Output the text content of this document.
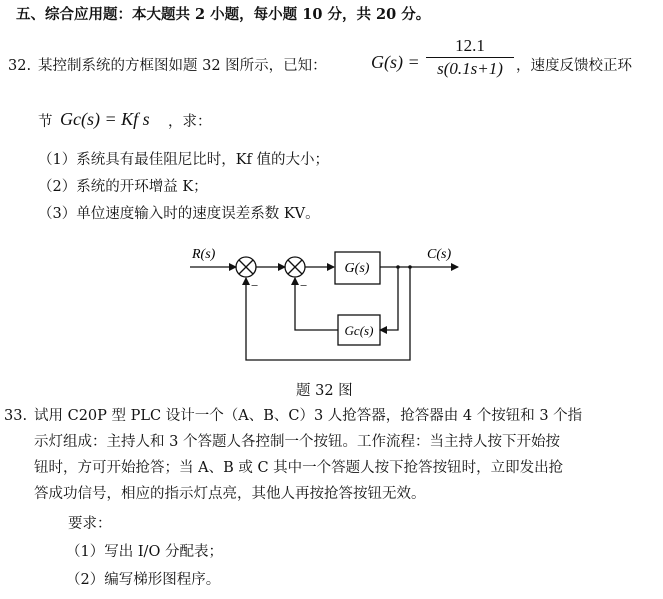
五、综合应用题：本大题共 2 小题，每小题 10 分，共 20 分。
32. 某控制系统的方框图如题 32 图所示，已知： G(s) =
12.1
s(0.1s+1) ，速度反馈校正环
节 Gc(s) = Kf s ，求：
（1）系统具有最佳阻尼比时，Kf 值的大小；
（2）系统的开环增益 K；
（3）单位速度输入时的速度误差系数 KV。
R(s)	C(s)
G(s)
Gc(s)
−	−
题 32 图
33. 试用 C20P 型 PLC 设计一个（A、B、C）3 人抢答器，抢答器由 4 个按钮和 3 个指
示灯组成：主持人和 3 个答题人各控制一个按钮。工作流程：当主持人按下开始按
钮时，方可开始抢答；当 A、B 或 C 其中一个答题人按下抢答按钮时，立即发出抢
答成功信号，相应的指示灯点亮，其他人再按抢答按钮无效。
要求：
（1）写出 I/O 分配表；
（2）编写梯形图程序。
